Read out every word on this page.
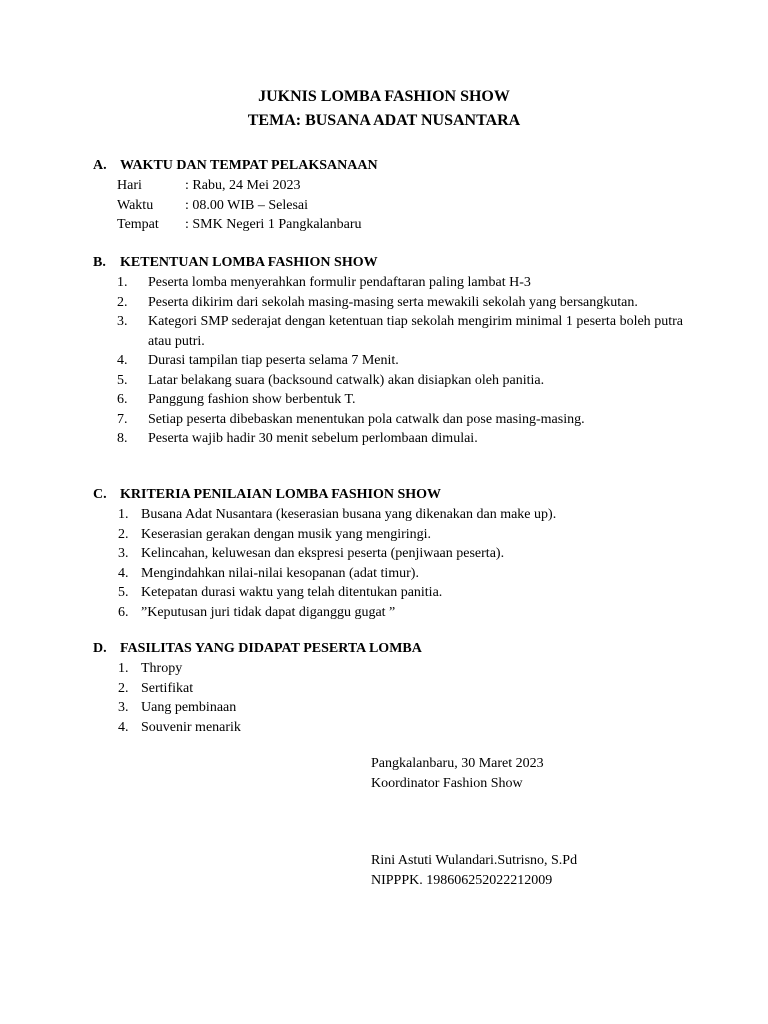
JUKNIS LOMBA FASHION SHOW
TEMA: BUSANA ADAT NUSANTARA
A. WAKTU DAN TEMPAT PELAKSANAAN
Hari	: Rabu, 24 Mei 2023
Waktu	: 08.00 WIB – Selesai
Tempat	: SMK Negeri 1 Pangkalanbaru
B.	KETENTUAN LOMBA FASHION SHOW
1.	Peserta lomba menyerahkan formulir pendaftaran paling lambat H-3
2.	Peserta dikirim dari sekolah masing-masing serta mewakili sekolah yang bersangkutan.
3.	Kategori SMP sederajat dengan ketentuan tiap sekolah mengirim minimal 1 peserta boleh putra atau putri.
4.	Durasi tampilan tiap peserta selama 7 Menit.
5.	Latar belakang suara (backsound catwalk) akan disiapkan oleh panitia.
6.	Panggung fashion show berbentuk T.
7.	Setiap peserta dibebaskan menentukan pola catwalk dan pose masing-masing.
8.	Peserta wajib hadir 30 menit sebelum perlombaan dimulai.
C. KRITERIA PENILAIAN LOMBA FASHION SHOW
1. Busana Adat Nusantara (keserasian busana yang dikenakan dan make up).
2. Keserasian gerakan dengan musik yang mengiringi.
3. Kelincahan, keluwesan dan ekspresi peserta (penjiwaan peserta).
4. Mengindahkan nilai-nilai kesopanan (adat timur).
5. Ketepatan durasi waktu yang telah ditentukan panitia.
6. ”Keputusan juri tidak dapat diganggu gugat ”
D. FASILITAS YANG DIDAPAT PESERTA LOMBA
1. Thropy
2. Sertifikat
3. Uang pembinaan
4. Souvenir menarik
Pangkalanbaru, 30 Maret 2023
Koordinator Fashion Show
Rini Astuti Wulandari.Sutrisno, S.Pd
NIPPPK. 198606252022212009
